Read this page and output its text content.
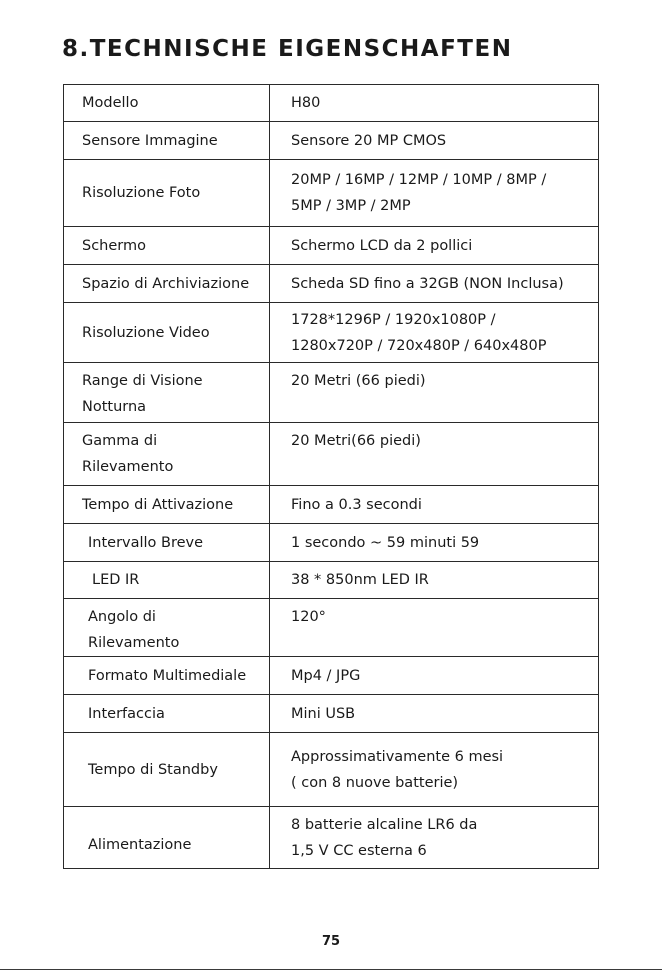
8.TECHNISCHE EIGENSCHAFTEN
Modello	H80

Sensore Immagine	Sensore 20 MP CMOS

Risoluzione Foto	20MP / 16MP / 12MP / 10MP / 8MP /
5MP / 3MP / 2MP

Schermo	Schermo LCD da 2 pollici

Spazio di Archiviazione	Scheda SD fino a 32GB (NON Inclusa)

Risoluzione Video	1728*1296P / 1920x1080P /
1280x720P / 720x480P / 640x480P

Range di Visione
Notturna	20 Metri (66 piedi)

Gamma di
Rilevamento	20 Metri(66 piedi)

Tempo di Attivazione	Fino a 0.3 secondi

Intervallo Breve	1 secondo ~ 59 minuti 59

LED IR	38 * 850nm LED IR

Angolo di
Rilevamento	120°

Formato Multimediale	Mp4 / JPG

Interfaccia	Mini USB

Tempo di Standby	Approssimativamente 6 mesi
( con 8 nuove batterie)

Alimentazione	8 batterie alcaline LR6 da
1,5 V CC esterna 6
75
